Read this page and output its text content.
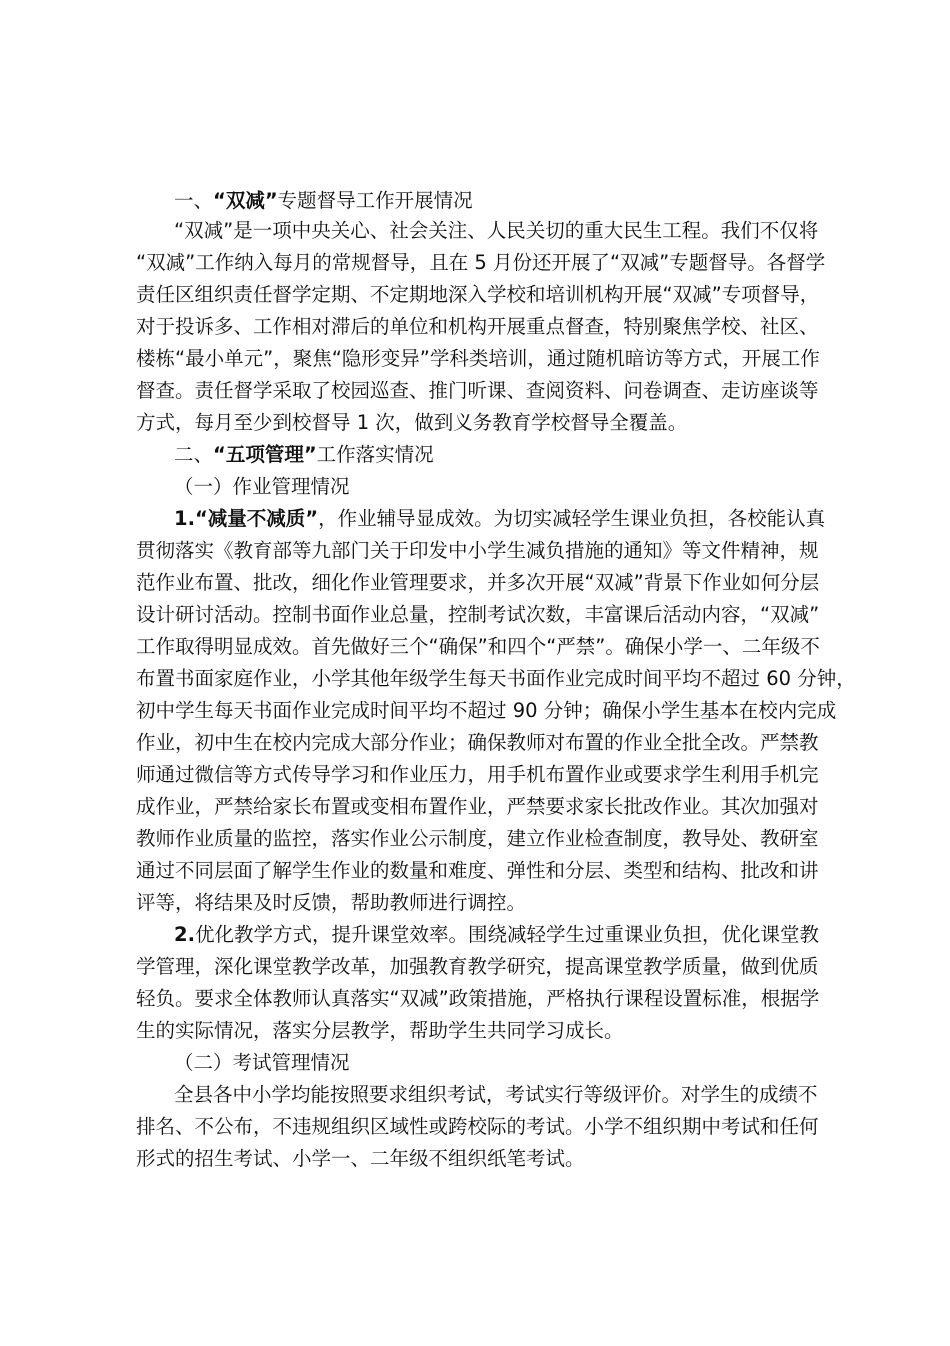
一、“双减”专题督导工作开展情况
“双减”是一项中央关心、社会关注、人民关切的重大民生工程。我们不仅将
“双减”工作纳入每月的常规督导，且在 5 月份还开展了“双减”专题督导。各督学
责任区组织责任督学定期、不定期地深入学校和培训机构开展“双减”专项督导，
对于投诉多、工作相对滞后的单位和机构开展重点督查，特别聚焦学校、社区、
楼栋“最小单元”，聚焦“隐形变异”学科类培训，通过随机暗访等方式，开展工作
督查。责任督学采取了校园巡查、推门听课、查阅资料、问卷调查、走访座谈等
方式，每月至少到校督导 1 次，做到义务教育学校督导全覆盖。
二、“五项管理”工作落实情况
（一）作业管理情况
1.“减量不减质”，作业辅导显成效。为切实减轻学生课业负担，各校能认真
贯彻落实《教育部等九部门关于印发中小学生减负措施的通知》等文件精神，规
范作业布置、批改，细化作业管理要求，并多次开展“双减”背景下作业如何分层
设计研讨活动。控制书面作业总量，控制考试次数，丰富课后活动内容，“双减”
工作取得明显成效。首先做好三个“确保”和四个“严禁”。确保小学一、二年级不
布置书面家庭作业，小学其他年级学生每天书面作业完成时间平均不超过 60 分钟，
初中学生每天书面作业完成时间平均不超过 90 分钟；确保小学生基本在校内完成
作业，初中生在校内完成大部分作业；确保教师对布置的作业全批全改。严禁教
师通过微信等方式传导学习和作业压力，用手机布置作业或要求学生利用手机完
成作业，严禁给家长布置或变相布置作业，严禁要求家长批改作业。其次加强对
教师作业质量的监控，落实作业公示制度，建立作业检查制度，教导处、教研室
通过不同层面了解学生作业的数量和难度、弹性和分层、类型和结构、批改和讲
评等，将结果及时反馈，帮助教师进行调控。
2.优化教学方式，提升课堂效率。围绕减轻学生过重课业负担，优化课堂教
学管理，深化课堂教学改革，加强教育教学研究，提高课堂教学质量，做到优质
轻负。要求全体教师认真落实“双减”政策措施，严格执行课程设置标准，根据学
生的实际情况，落实分层教学，帮助学生共同学习成长。
（二）考试管理情况
全县各中小学均能按照要求组织考试，考试实行等级评价。对学生的成绩不
排名、不公布，不违规组织区域性或跨校际的考试。小学不组织期中考试和任何
形式的招生考试、小学一、二年级不组织纸笔考试。
